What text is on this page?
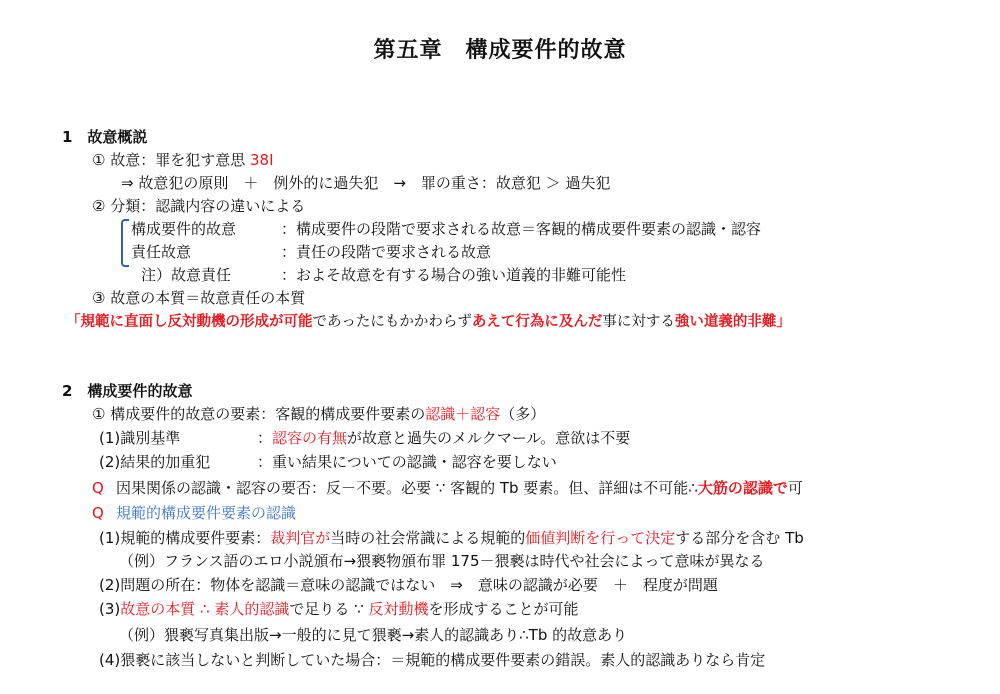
第五章　構成要件的故意
1　故意概説
① 故意：罪を犯す意思 38Ⅰ
⇒ 故意犯の原則　＋　例外的に過失犯　→　罪の重さ：故意犯 ＞ 過失犯
② 分類：認識内容の違いによる
構成要件的故意	：構成要件の段階で要求される故意＝客観的構成要件要素の認識・認容
責任故意	：責任の段階で要求される故意
注）故意責任	：およそ故意を有する場合の強い道義的非難可能性
③ 故意の本質＝故意責任の本質
「規範に直面し反対動機の形成が可能であったにもかかわらずあえて行為に及んだ事に対する強い道義的非難」
2　構成要件的故意
① 構成要件的故意の要素：客観的構成要件要素の認識＋認容（多）
(1)識別基準	：認容の有無が故意と過失のメルクマール。意欲は不要
(2)結果的加重犯	：重い結果についての認識・認容を要しない
Q 因果関係の認識・認容の要否：反－不要。必要 ∵ 客観的 Tb 要素。但、詳細は不可能∴大筋の認識で可
Q 規範的構成要件要素の認識
(1)規範的構成要件要素：裁判官が当時の社会常識による規範的価値判断を行って決定する部分を含む Tb
（例）フランス語のエロ小説頒布→猥褻物頒布罪 175－猥褻は時代や社会によって意味が異なる
(2)問題の所在：物体を認識＝意味の認識ではない　⇒　意味の認識が必要　＋　程度が問題
(3)故意の本質 ∴ 素人的認識で足りる ∵ 反対動機を形成することが可能
（例）猥褻写真集出版→一般的に見て猥褻→素人的認識あり∴Tb 的故意あり
(4)猥褻に該当しないと判断していた場合：＝規範的構成要件要素の錯誤。素人的認識ありなら肯定
